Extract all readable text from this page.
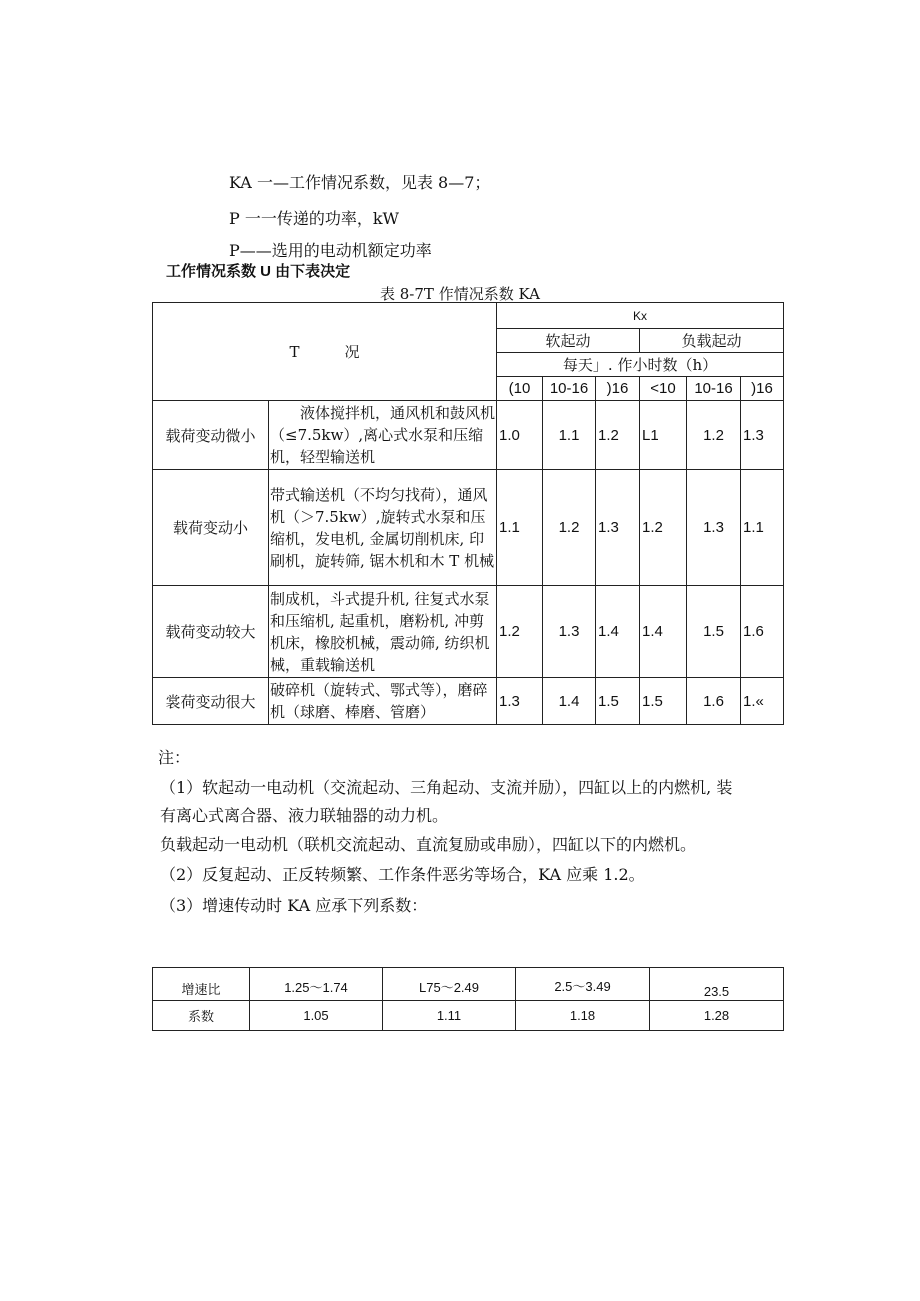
KA 一—工作情况系数，见表 8—7；
P 一一传递的功率，kW
P——选用的电动机额定功率
工作情况系数 U 由下表决定
表 8-7T 作情况系数 KA
T　　　况		Kx					
		软起动			负载起动		
		每天」. 作小时数（h）					
		(10	10-16	)16	<10	10-16	)16
载荷变动微小	　　液体搅拌机，通风机和鼓风机（≤7.5kw）,离心式水泵和压缩机，轻型输送机	1.0	1.1	1.2	L1	1.2	1.3
载荷变动小	带式输送机（不均匀找荷），通风机（＞7.5kw）,旋转式水泵和压缩机，发电机, 金属切削机床, 印刷机，旋转筛, 锯木机和木 T 机械	1.1	1.2	1.3	1.2	1.3	1.1
载荷变动较大	制成机，斗式提升机, 往复式水泵和压缩机, 起重机，磨粉机, 冲剪机床，橡胶机械，震动筛, 纺织机械，重载输送机	1.2	1.3	1.4	1.4	1.5	1.6
裳荷变动很大	破碎机（旋转式、鄂式等），磨碎机（球磨、棒磨、管磨）	1.3	1.4	1.5	1.5	1.6	1.«
注：
（1）软起动一电动机（交流起动、三角起动、支流并励），四缸以上的内燃机, 装
有离心式离合器、液力联轴器的动力机。
负载起动一电动机（联机交流起动、直流复励或串励），四缸以下的内燃机。
（2）反复起动、正反转频繁、工作条件恶劣等场合，KA 应乘 1.2。
（3）增速传动时 KA 应承下列系数：
增速比	1.25～1.74	L75～2.49	2.5～3.49	23.5
系数	1.05	1.11	1.18	1.28
